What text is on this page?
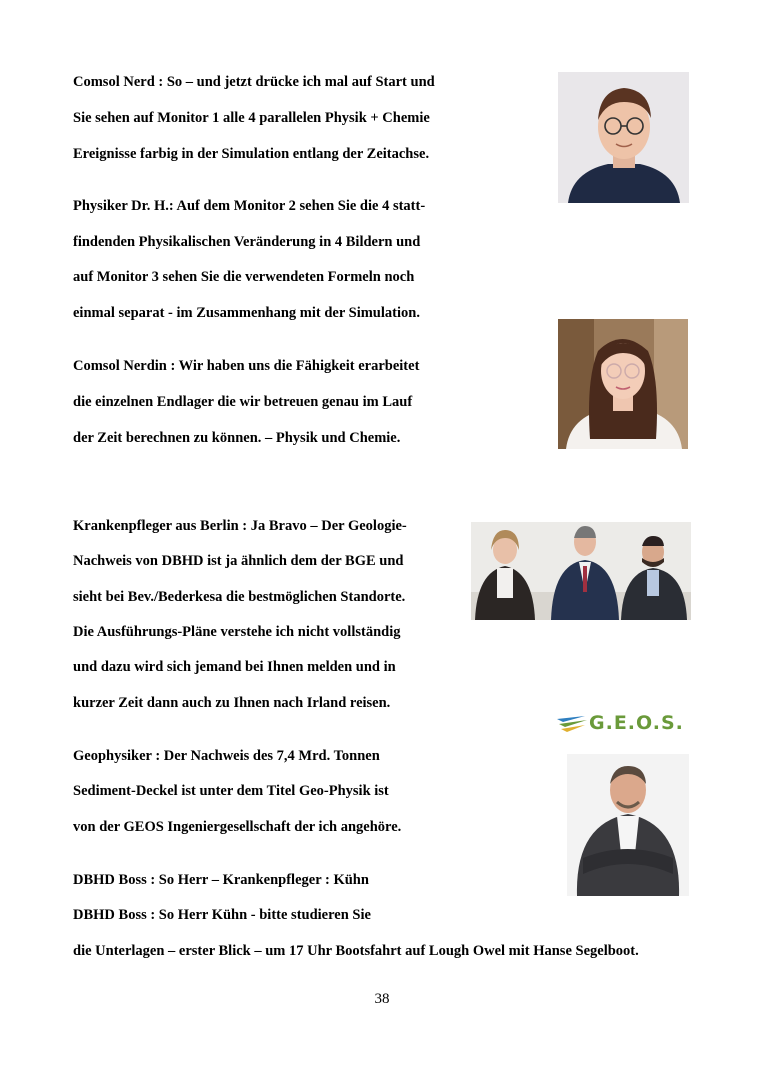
Comsol Nerd : So – und jetzt drücke ich mal auf Start und
Sie sehen auf Monitor 1 alle 4 parallelen Physik + Chemie
Ereignisse farbig in der Simulation entlang der Zeitachse.
Physiker Dr. H.: Auf dem Monitor 2 sehen Sie die 4 statt-
findenden Physikalischen Veränderung in 4 Bildern und
auf Monitor 3 sehen Sie die verwendeten Formeln noch
einmal separat - im Zusammenhang mit der Simulation.
Comsol Nerdin : Wir haben uns die Fähigkeit erarbeitet
die einzelnen Endlager die wir betreuen genau im Lauf
der Zeit berechnen zu können. – Physik und Chemie.
Krankenpfleger aus Berlin : Ja Bravo – Der Geologie-
Nachweis von DBHD ist ja ähnlich dem der BGE und
sieht bei Bev./Bederkesa die bestmöglichen Standorte.
Die Ausführungs-Pläne verstehe ich nicht vollständig
und dazu wird sich jemand bei Ihnen melden und in
kurzer Zeit dann auch zu Ihnen nach Irland reisen.
Geophysiker : Der Nachweis des 7,4 Mrd. Tonnen
Sediment-Deckel ist unter dem Titel Geo-Physik ist
von der GEOS Ingeniergesellschaft der ich angehöre.
DBHD Boss : So Herr – Krankenpfleger : Kühn
DBHD Boss : So Herr Kühn - bitte studieren Sie
die Unterlagen – erster Blick – um 17 Uhr Bootsfahrt auf Lough Owel mit Hanse Segelboot.
G.E.O.S.
38
